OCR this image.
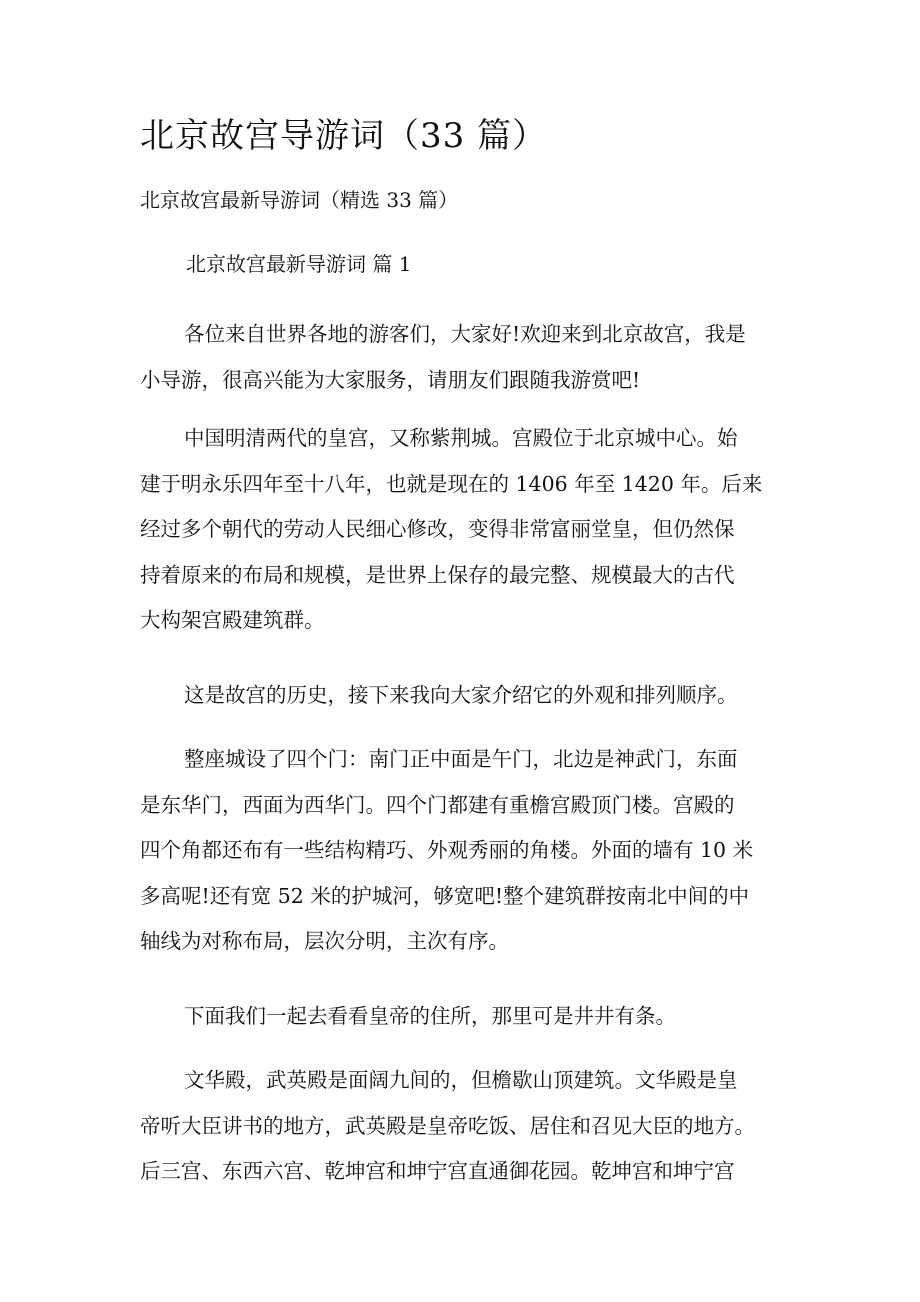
北京故宫导游词（33 篇）
北京故宫最新导游词（精选 33 篇）
北京故宫最新导游词 篇 1

各位来自世界各地的游客们，大家好!欢迎来到北京故宫，我是
小导游，很高兴能为大家服务，请朋友们跟随我游赏吧!

中国明清两代的皇宫，又称紫荆城。宫殿位于北京城中心。始
建于明永乐四年至十八年，也就是现在的 1406 年至 1420 年。后来
经过多个朝代的劳动人民细心修改，变得非常富丽堂皇，但仍然保
持着原来的布局和规模，是世界上保存的最完整、规模最大的古代
大构架宫殿建筑群。

这是故宫的历史，接下来我向大家介绍它的外观和排列顺序。

整座城设了四个门：南门正中面是午门，北边是神武门，东面
是东华门，西面为西华门。四个门都建有重檐宫殿顶门楼。宫殿的
四个角都还布有一些结构精巧、外观秀丽的角楼。外面的墙有 10 米
多高呢!还有宽 52 米的护城河，够宽吧!整个建筑群按南北中间的中
轴线为对称布局，层次分明，主次有序。

下面我们一起去看看皇帝的住所，那里可是井井有条。

文华殿，武英殿是面阔九间的，但檐歇山顶建筑。文华殿是皇
帝听大臣讲书的地方，武英殿是皇帝吃饭、居住和召见大臣的地方。
后三宫、东西六宫、乾坤宫和坤宁宫直通御花园。乾坤宫和坤宁宫
